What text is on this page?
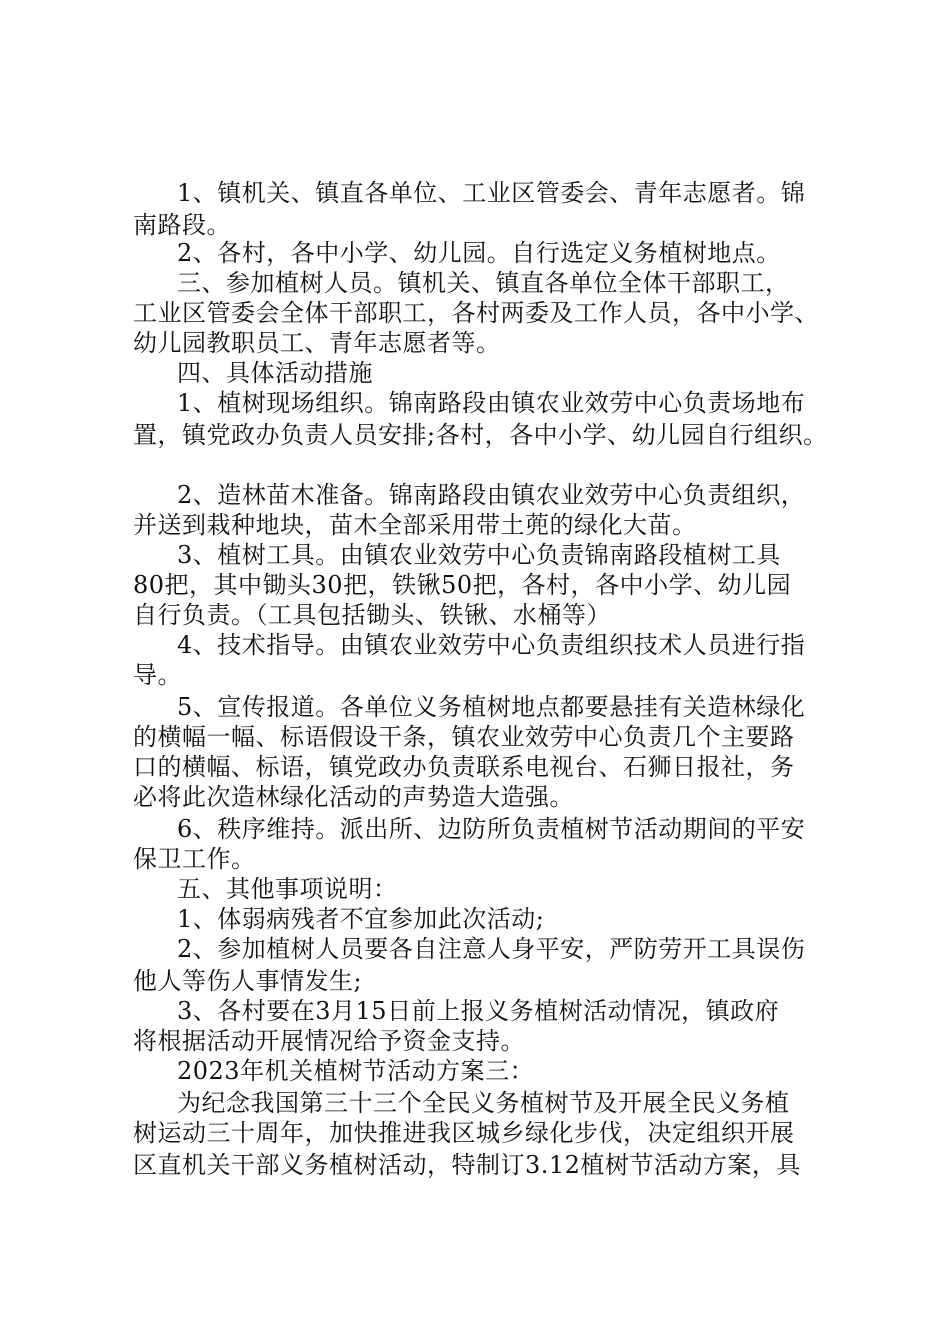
1、镇机关、镇直各单位、工业区管委会、青年志愿者。锦
南路段。
2、各村，各中小学、幼儿园。自行选定义务植树地点。
三、参加植树人员。镇机关、镇直各单位全体干部职工，
工业区管委会全体干部职工，各村两委及工作人员，各中小学、
幼儿园教职员工、青年志愿者等。
四、具体活动措施
1、植树现场组织。锦南路段由镇农业效劳中心负责场地布
置，镇党政办负责人员安排;各村，各中小学、幼儿园自行组织。
2、造林苗木准备。锦南路段由镇农业效劳中心负责组织，
并送到栽种地块，苗木全部采用带土蔸的绿化大苗。
3、植树工具。由镇农业效劳中心负责锦南路段植树工具
80把，其中锄头30把，铁锹50把，各村，各中小学、幼儿园
自行负责。（工具包括锄头、铁锹、水桶等）
4、技术指导。由镇农业效劳中心负责组织技术人员进行指
导。
5、宣传报道。各单位义务植树地点都要悬挂有关造林绿化
的横幅一幅、标语假设干条，镇农业效劳中心负责几个主要路
口的横幅、标语，镇党政办负责联系电视台、石狮日报社，务
必将此次造林绿化活动的声势造大造强。
6、秩序维持。派出所、边防所负责植树节活动期间的平安
保卫工作。
五、其他事项说明：
1、体弱病残者不宜参加此次活动;
2、参加植树人员要各自注意人身平安，严防劳开工具误伤
他人等伤人事情发生;
3、各村要在3月15日前上报义务植树活动情况，镇政府
将根据活动开展情况给予资金支持。
2023年机关植树节活动方案三：
为纪念我国第三十三个全民义务植树节及开展全民义务植
树运动三十周年，加快推进我区城乡绿化步伐，决定组织开展
区直机关干部义务植树活动，特制订3.12植树节活动方案，具
